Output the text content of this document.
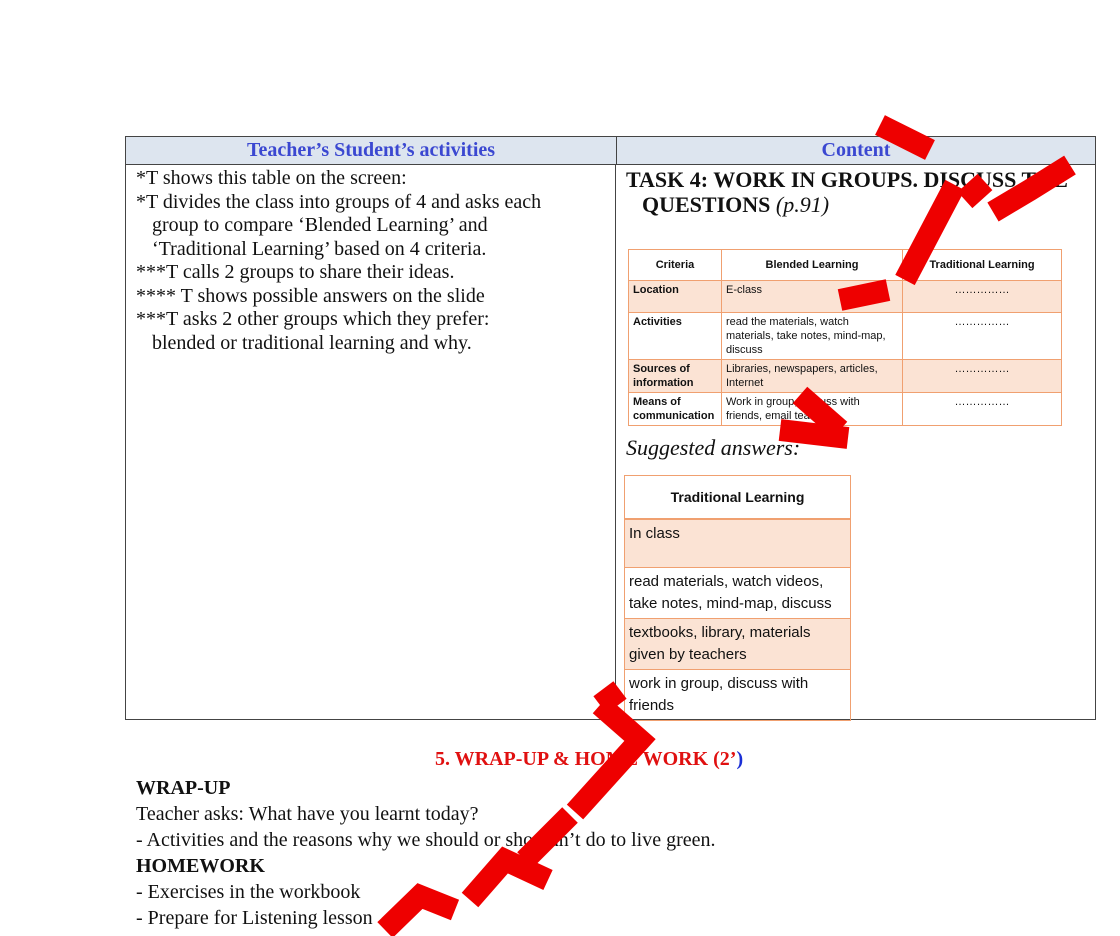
Teacher’s Student’s activities	Content

*T shows this table on the screen:

*T divides the class into groups of 4 and asks each

group to compare ‘Blended Learning’ and

‘Traditional Learning’ based on 4 criteria.

***T calls 2 groups to share their ideas.

**** T shows possible answers on the slide

***T asks 2 other groups which they prefer:

blended or traditional learning and why.

TASK 4: WORK IN GROUPS. DISCUSS THE
QUESTIONS (p.91)
Criteria	Blended Learning	Traditional Learning
Location	E-class	……………
Activities	read the materials, watch materials, take notes, mind-map, discuss	……………
Sources of information	Libraries, newspapers, articles, Internet	……………
Means of communication	Work in group, discuss with friends, email teacher	……………
Suggested answers:
Traditional Learning
In class
read materials, watch videos, take notes, mind-map, discuss
textbooks, library, materials given by teachers
work in group, discuss with friends
5. WRAP-UP & HOME WORK (2’)

WRAP-UP

Teacher asks: What have you learnt today?

- Activities and the reasons why we should or shouldn’t do to live green.

HOMEWORK

- Exercises in the workbook

- Prepare for Listening lesson
